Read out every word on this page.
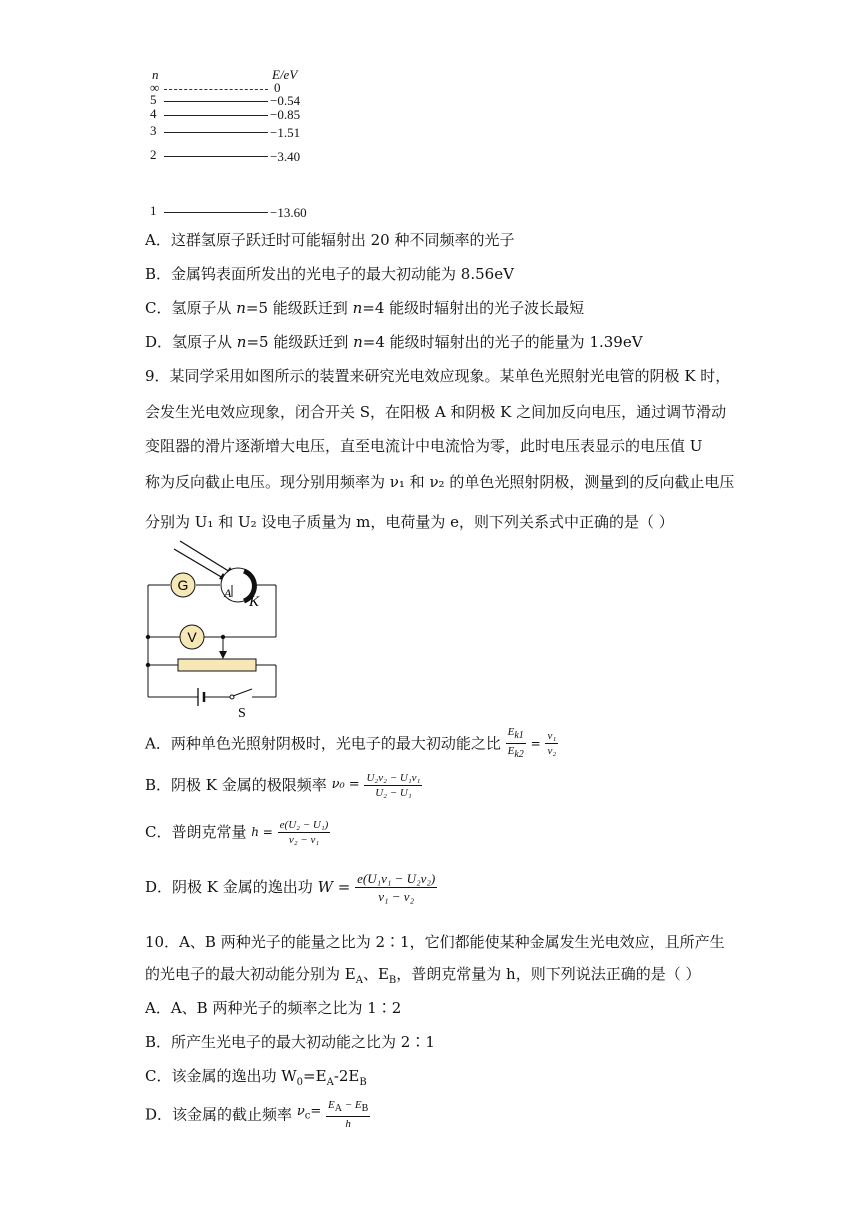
n	E/eV
∞	0
5	−0.54
4	−0.85
3	−1.51
2	−3.40
1	−13.60
A．这群氢原子跃迁时可能辐射出 20 种不同频率的光子
B．金属钨表面所发出的光电子的最大初动能为 8.56eV
C．氢原子从 n=5 能级跃迁到 n=4 能级时辐射出的光子波长最短
D．氢原子从 n=5 能级跃迁到 n=4 能级时辐射出的光子的能量为 1.39eV
9．某同学采用如图所示的装置来研究光电效应现象。某单色光照射光电管的阴极 K 时，
会发生光电效应现象，闭合开关 S，在阳极 A 和阴极 K 之间加反向电压，通过调节滑动
变阻器的滑片逐渐增大电压，直至电流计中电流恰为零，此时电压表显示的电压值 U
称为反向截止电压。现分别用频率为 ν₁ 和 ν₂ 的单色光照射阴极，测量到的反向截止电压
分别为 U₁ 和 U₂ 设电子质量为 m，电荷量为 e，则下列关系式中正确的是（ ）
G	A
K
V
S
A．两种单色光照射阴极时，光电子的最大初动能之比 $\frac{E_{k1}}{E_{k2}} = \frac{\text{ν₁}}{\text{ν₂}}$
B．阴极 K 金属的极限频率 $\nu_0 = \frac{\text{U₂ν₂ − U₁ν₁}}{\text{U₂ − U₁}}$
C．普朗克常量 $h = \frac{\text{e(U₂ − U₁)}}{\text{ν₂ − ν₁}}$
D．阴极 K 金属的逸出功 $W = \frac{\text{e(U₁ν₁ − U₂ν₂)}}{\text{ν₁ − ν₂}}$
10．A、B 两种光子的能量之比为 2∶1，它们都能使某种金属发生光电效应，且所产生
的光电子的最大初动能分别为 $E_A$、$E_B$，普朗克常量为 h，则下列说法正确的是（ ）
A．A、B 两种光子的频率之比为 1∶2
B．所产生光电子的最大初动能之比为 2∶1
C．该金属的逸出功 $W_0=E_A-2E_B$
D．该金属的截止频率 $\nu_c= \frac{E_A - E_B}{h}$
